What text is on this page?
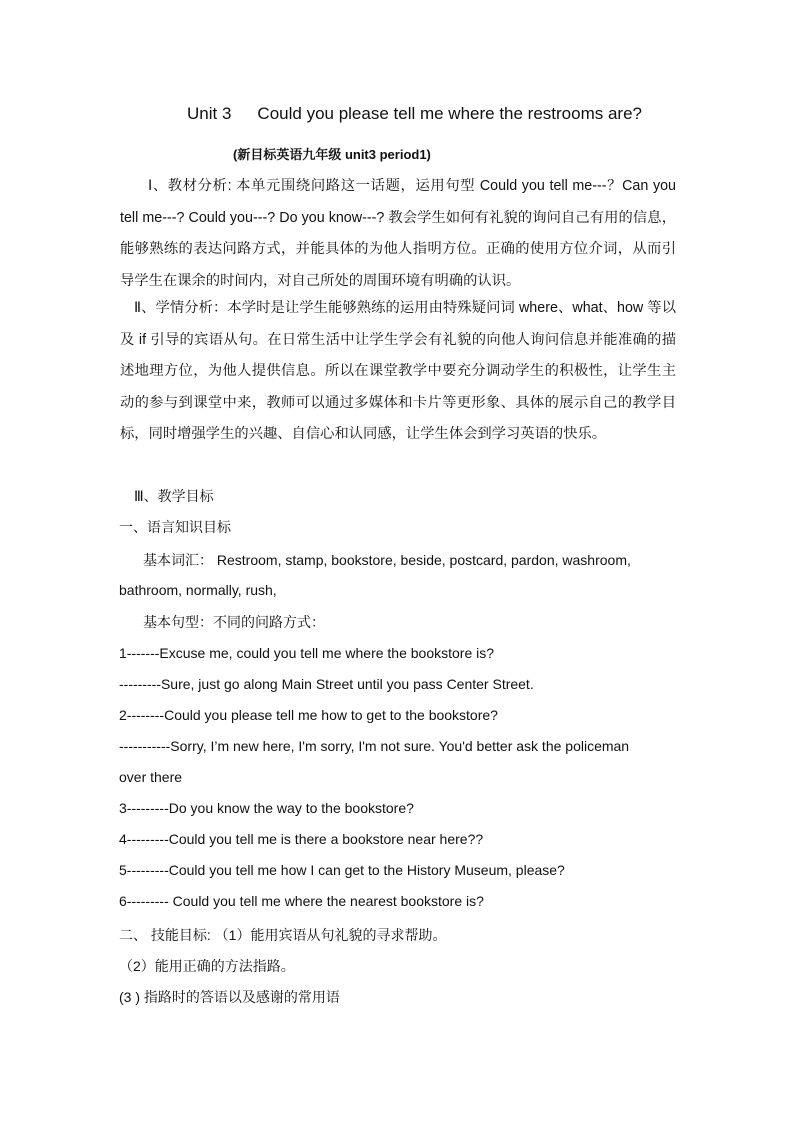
Unit 3 Could you please tell me where the restrooms are?
(新目标英语九年级 unit3 period1)
Ⅰ、教材分析: 本单元围绕问路这一话题，运用句型 Could you tell me---？Can you tell me---? Could you---? Do you know---? 教会学生如何有礼貌的询问自己有用的信息，能够熟练的表达问路方式，并能具体的为他人指明方位。正确的使用方位介词，从而引导学生在课余的时间内，对自己所处的周围环境有明确的认识。
Ⅱ、学情分析：本学时是让学生能够熟练的运用由特殊疑问词 where、what、how 等以及 if 引导的宾语从句。在日常生活中让学生学会有礼貌的向他人询问信息并能准确的描述地理方位，为他人提供信息。所以在课堂教学中要充分调动学生的积极性，让学生主动的参与到课堂中来，教师可以通过多媒体和卡片等更形象、具体的展示自己的教学目标，同时增强学生的兴趣、自信心和认同感，让学生体会到学习英语的快乐。
Ⅲ、教学目标
一、语言知识目标
基本词汇： Restroom, stamp, bookstore, beside, postcard, pardon, washroom,
bathroom, normally, rush,
基本句型：不同的问路方式：
1-------Excuse me, could you tell me where the bookstore is?
---------Sure, just go along Main Street until you pass Center Street.
2--------Could you please tell me how to get to the bookstore?
-----------Sorry, I’m new here, I'm sorry, I'm not sure. You'd better ask the policeman
over there
3---------Do you know the way to the bookstore?
4---------Could you tell me is there a bookstore near here??
5---------Could you tell me how I can get to the History Museum, please?
6--------- Could you tell me where the nearest bookstore is?
二、 技能目标: （1）能用宾语从句礼貌的寻求帮助。
（2）能用正确的方法指路。
(3 ) 指路时的答语以及感谢的常用语
